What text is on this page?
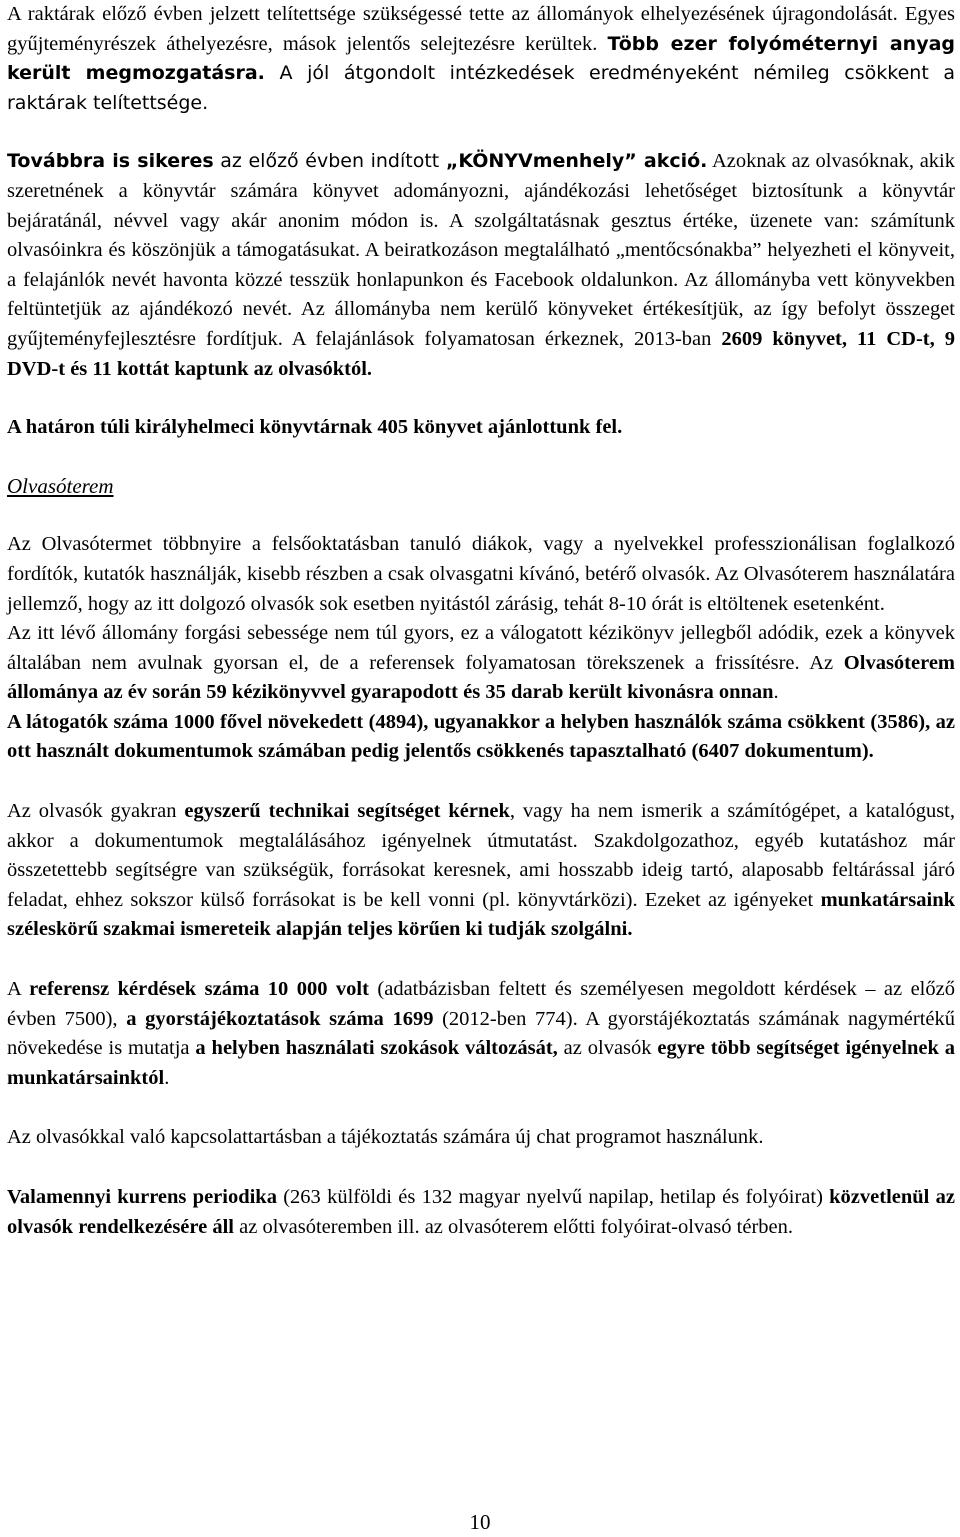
A raktárak előző évben jelzett telítettsége szükségessé tette az állományok elhelyezésének újragondolását. Egyes gyűjteményrészek áthelyezésre, mások jelentős selejtezésre kerültek. Több ezer folyóméternyi anyag került megmozgatásra. A jól átgondolt intézkedések eredményeként némileg csökkent a raktárak telítettsége.

Továbbra is sikeres az előző évben indított „KÖNYVmenhely” akció. Azoknak az olvasóknak, akik szeretnének a könyvtár számára könyvet adományozni, ajándékozási lehetőséget biztosítunk a könyvtár bejáratánál, névvel vagy akár anonim módon is. A szolgáltatásnak gesztus értéke, üzenete van: számítunk olvasóinkra és köszönjük a támogatásukat. A beiratkozáson megtalálható „mentőcsónakba” helyezheti el könyveit, a felajánlók nevét havonta közzé tesszük honlapunkon és Facebook oldalunkon. Az állományba vett könyvekben feltüntetjük az ajándékozó nevét. Az állományba nem kerülő könyveket értékesítjük, az így befolyt összeget gyűjteményfejlesztésre fordítjuk. A felajánlások folyamatosan érkeznek, 2013-ban 2609 könyvet, 11 CD-t, 9 DVD-t és 11 kottát kaptunk az olvasóktól.

A határon túli királyhelmeci könyvtárnak 405 könyvet ajánlottunk fel.

Olvasóterem

Az Olvasótermet többnyire a felsőoktatásban tanuló diákok, vagy a nyelvekkel professzionálisan foglalkozó fordítók, kutatók használják, kisebb részben a csak olvasgatni kívánó, betérő olvasók. Az Olvasóterem használatára jellemző, hogy az itt dolgozó olvasók sok esetben nyitástól zárásig, tehát 8-10 órát is eltöltenek esetenként.

Az itt lévő állomány forgási sebessége nem túl gyors, ez a válogatott kézikönyv jellegből adódik, ezek a könyvek általában nem avulnak gyorsan el, de a referensek folyamatosan törekszenek a frissítésre. Az Olvasóterem állománya az év során 59 kézikönyvvel gyarapodott és 35 darab került kivonásra onnan.

A látogatók száma 1000 fővel növekedett (4894), ugyanakkor a helyben használók száma csökkent (3586), az ott használt dokumentumok számában pedig jelentős csökkenés tapasztalható (6407 dokumentum).

Az olvasók gyakran egyszerű technikai segítséget kérnek, vagy ha nem ismerik a számítógépet, a katalógust, akkor a dokumentumok megtalálásához igényelnek útmutatást. Szakdolgozathoz, egyéb kutatáshoz már összetettebb segítségre van szükségük, forrásokat keresnek, ami hosszabb ideig tartó, alaposabb feltárással járó feladat, ehhez sokszor külső forrásokat is be kell vonni (pl. könyvtárközi). Ezeket az igényeket munkatársaink széleskörű szakmai ismereteik alapján teljes körűen ki tudják szolgálni.

A referensz kérdések száma 10 000 volt (adatbázisban feltett és személyesen megoldott kérdések – az előző évben 7500), a gyorstájékoztatások száma 1699 (2012-ben 774). A gyorstájékoztatás számának nagymértékű növekedése is mutatja a helyben használati szokások változását, az olvasók egyre több segítséget igényelnek a munkatársainktól.

Az olvasókkal való kapcsolattartásban a tájékoztatás számára új chat programot használunk.

Valamennyi kurrens periodika (263 külföldi és 132 magyar nyelvű napilap, hetilap és folyóirat) közvetlenül az olvasók rendelkezésére áll az olvasóteremben ill. az olvasóterem előtti folyóirat-olvasó térben.

10
